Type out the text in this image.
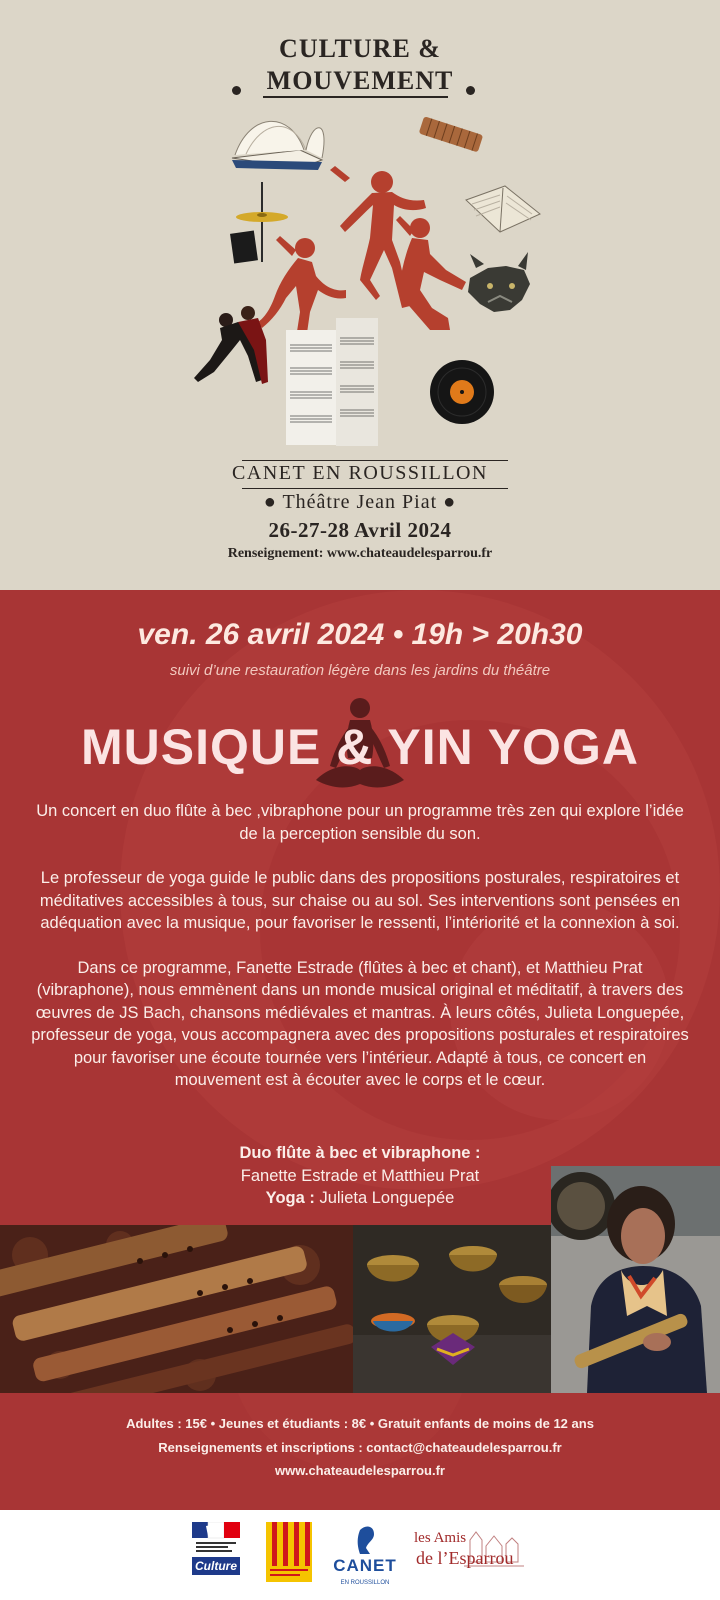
CULTURE &
MOUVEMENT
CANET EN ROUSSILLON
● Théâtre Jean Piat ●
26-27-28 Avril 2024
Renseignement: www.chateaudelesparrou.fr
ven. 26 avril 2024 • 19h > 20h30
suivi d’une restauration légère dans les jardins du théâtre
MUSIQUE & YIN YOGA

Un concert en duo flûte à bec ,vibraphone pour un programme très zen qui explore l’idée de la perception sensible du son.

Le professeur de yoga guide le public dans des propositions posturales, respiratoires et méditatives accessibles à tous, sur chaise ou au sol. Ses interventions sont pensées en adéquation avec la musique, pour favoriser le ressenti, l’intériorité et la connexion à soi.

Dans ce programme, Fanette Estrade (flûtes à bec et chant), et Matthieu Prat (vibraphone), nous emmènent dans un monde musical original et méditatif, à travers des œuvres de JS Bach, chansons médiévales et mantras. À leurs côtés, Julieta Longuepée, professeur de yoga, vous accompagnera avec des propositions posturales et respiratoires pour favoriser une écoute tournée vers l’intérieur. Adapté à tous, ce concert en mouvement est à écouter avec le corps et le cœur.

Duo flûte à bec et vibraphone :
Fanette Estrade et Matthieu Prat
Yoga : Julieta Longuepée
Adultes : 15€ • Jeunes et étudiants : 8€ • Gratuit enfants de moins de 12 ans
Renseignements et inscriptions : contact@chateaudelesparrou.fr
www.chateaudelesparrou.fr
Culture	CANET
EN ROUSSILLON
les Amis
de l’Esparrou
